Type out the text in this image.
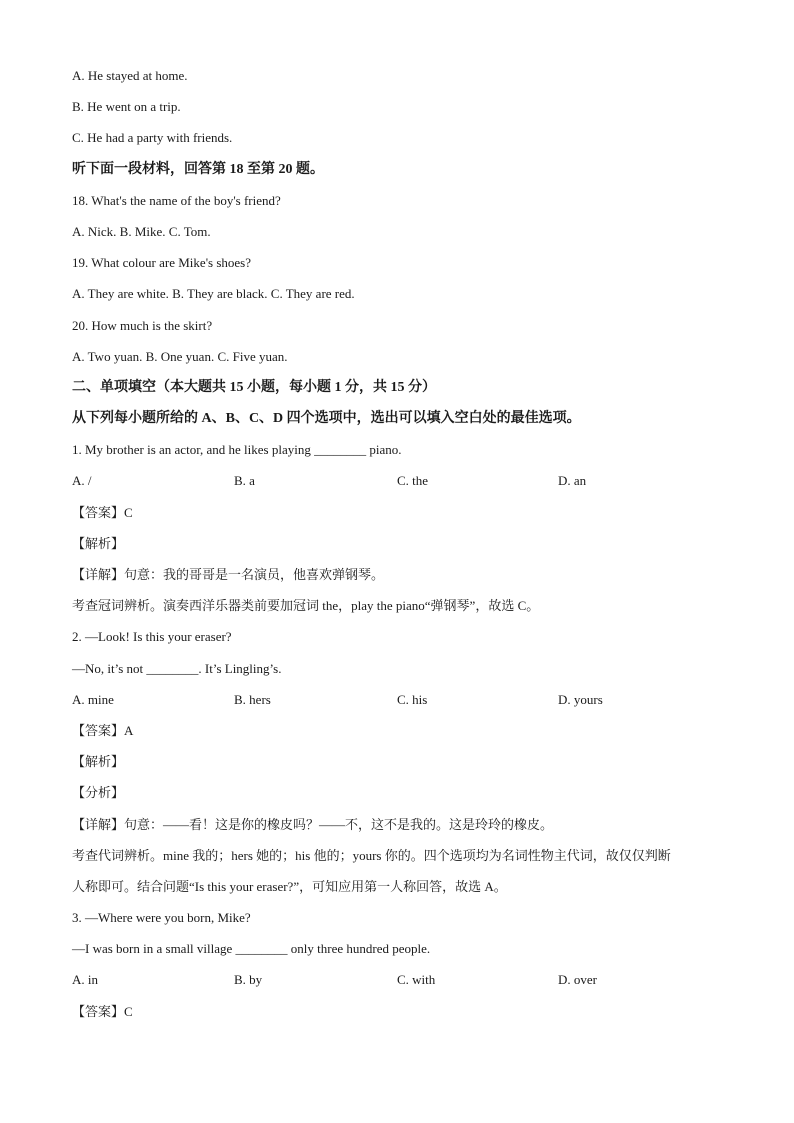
A. He stayed at home.
B. He went on a trip.
C. He had a party with friends.
听下面一段材料，回答第 18 至第 20 题。
18. What's the name of the boy's friend?
A. Nick. B. Mike. C. Tom.
19. What colour are Mike's shoes?
A. They are white. B. They are black. C. They are red.
20. How much is the skirt?
A. Two yuan. B. One yuan. C. Five yuan.
二、单项填空（本大题共 15 小题，每小题 1 分，共 15 分）
从下列每小题所给的 A、B、C、D 四个选项中，选出可以填入空白处的最佳选项。
1. My brother is an actor, and he likes playing ________ piano.
A. /	B. a	C. the	D. an
【答案】C
【解析】
【详解】句意：我的哥哥是一名演员，他喜欢弹钢琴。
考查冠词辨析。演奏西洋乐器类前要加冠词 the，play the piano“弹钢琴”，故选 C。
2. —Look! Is this your eraser?
—No, it’s not ________. It’s Lingling’s.
A. mine	B. hers	C. his	D. yours
【答案】A
【解析】
【分析】
【详解】句意：——看！这是你的橡皮吗？——不，这不是我的。这是玲玲的橡皮。
考查代词辨析。mine 我的；hers 她的；his 他的；yours 你的。四个选项均为名词性物主代词，故仅仅判断
人称即可。结合问题“Is this your eraser?”，可知应用第一人称回答，故选 A。
3. —Where were you born, Mike?
—I was born in a small village ________ only three hundred people.
A. in	B. by	C. with	D. over
【答案】C
